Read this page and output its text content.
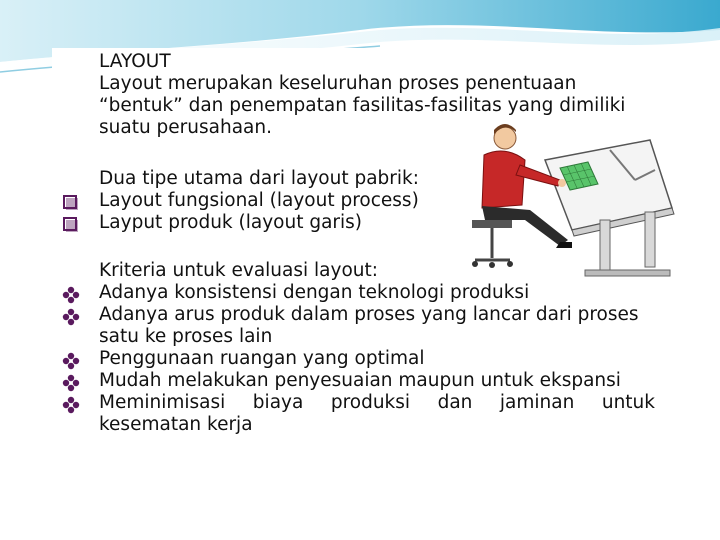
LAYOUT
Layout merupakan keseluruhan proses penentuaan
“bentuk” dan penempatan fasilitas-fasilitas yang dimiliki
suatu perusahaan.
Dua tipe utama dari layout pabrik:
Layout fungsional (layout process)
Layput produk (layout garis)
Kriteria untuk evaluasi layout:
Adanya konsistensi dengan teknologi produksi
Adanya arus produk dalam proses yang lancar dari proses
satu ke proses lain
Penggunaan ruangan yang optimal
Mudah melakukan penyesuaian maupun untuk ekspansi
Meminimisasi biaya produksi dan jaminan untuk
kesematan kerja
